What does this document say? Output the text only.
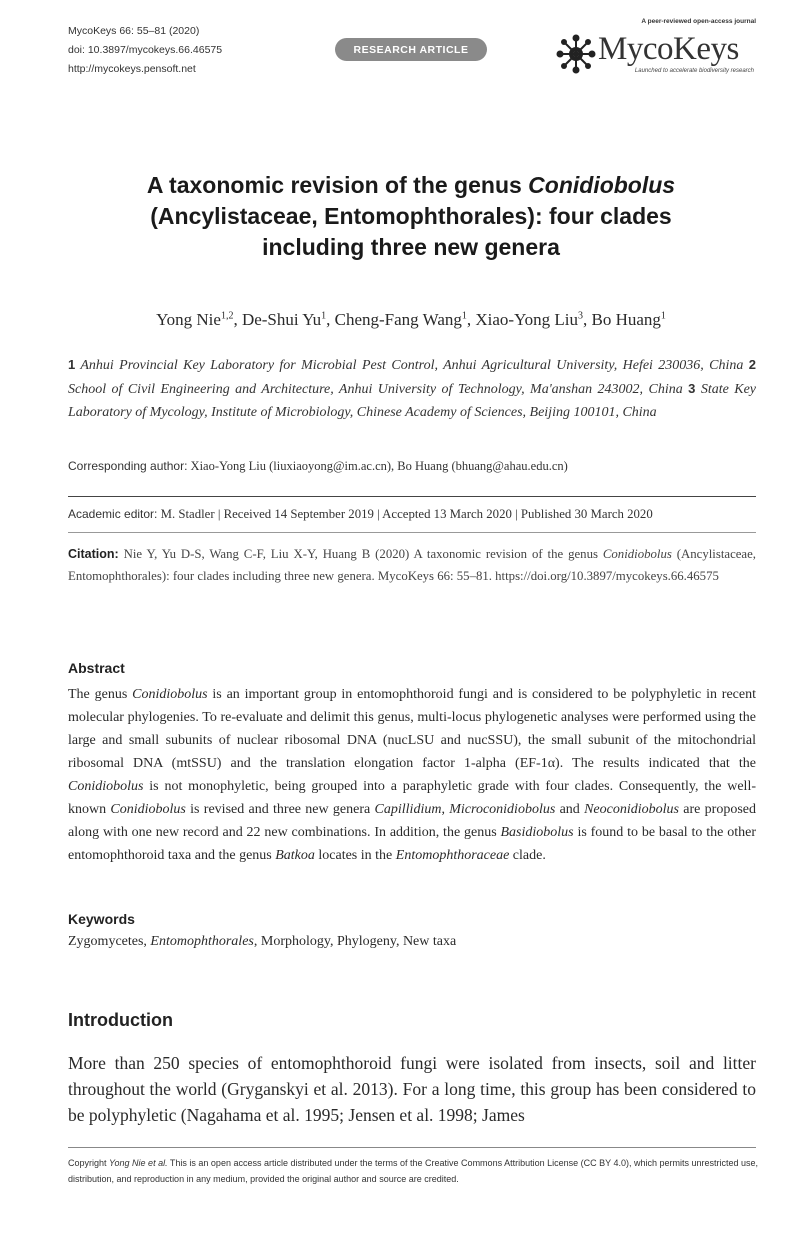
MycoKeys 66: 55–81 (2020)
doi: 10.3897/mycokeys.66.46575
http://mycokeys.pensoft.net
RESEARCH ARTICLE
A peer-reviewed open-access journal
MycoKeys
Launched to accelerate biodiversity research
A taxonomic revision of the genus Conidiobolus
(Ancylistaceae, Entomophthorales): four clades
including three new genera
Yong Nie$^{1,2}$, De-Shui Yu$^1$, Cheng-Fang Wang$^1$, Xiao-Yong Liu$^3$, Bo Huang$^1$
1 Anhui Provincial Key Laboratory for Microbial Pest Control, Anhui Agricultural University, Hefei 230036, China 2 School of Civil Engineering and Architecture, Anhui University of Technology, Ma'anshan 243002, China 3 State Key Laboratory of Mycology, Institute of Microbiology, Chinese Academy of Sciences, Beijing 100101, China
Corresponding author: Xiao-Yong Liu (liuxiaoyong@im.ac.cn), Bo Huang (bhuang@ahau.edu.cn)
Academic editor: M. Stadler | Received 14 September 2019 | Accepted 13 March 2020 | Published 30 March 2020
Citation: Nie Y, Yu D-S, Wang C-F, Liu X-Y, Huang B (2020) A taxonomic revision of the genus Conidiobolus (Ancylistaceae, Entomophthorales): four clades including three new genera. MycoKeys 66: 55–81. https://doi.org/10.3897/mycokeys.66.46575
Abstract
The genus Conidiobolus is an important group in entomophthoroid fungi and is considered to be polyphyletic in recent molecular phylogenies. To re-evaluate and delimit this genus, multi-locus phylogenetic analyses were performed using the large and small subunits of nuclear ribosomal DNA (nucLSU and nucSSU), the small subunit of the mitochondrial ribosomal DNA (mtSSU) and the translation elongation factor 1-alpha (EF-1α). The results indicated that the Conidiobolus is not monophyletic, being grouped into a paraphyletic grade with four clades. Consequently, the well-known Conidiobolus is revised and three new genera Capillidium, Microconidiobolus and Neoconidiobolus are proposed along with one new record and 22 new combinations. In addition, the genus Basidiobolus is found to be basal to the other entomophthoroid taxa and the genus Batkoa locates in the Entomophthoraceae clade.
Keywords
Zygomycetes, Entomophthorales, Morphology, Phylogeny, New taxa
Introduction
More than 250 species of entomophthoroid fungi were isolated from insects, soil and litter throughout the world (Gryganskyi et al. 2013). For a long time, this group has been considered to be polyphyletic (Nagahama et al. 1995; Jensen et al. 1998; James
Copyright Yong Nie et al. This is an open access article distributed under the terms of the Creative Commons Attribution License (CC BY 4.0), which permits unrestricted use, distribution, and reproduction in any medium, provided the original author and source are credited.
